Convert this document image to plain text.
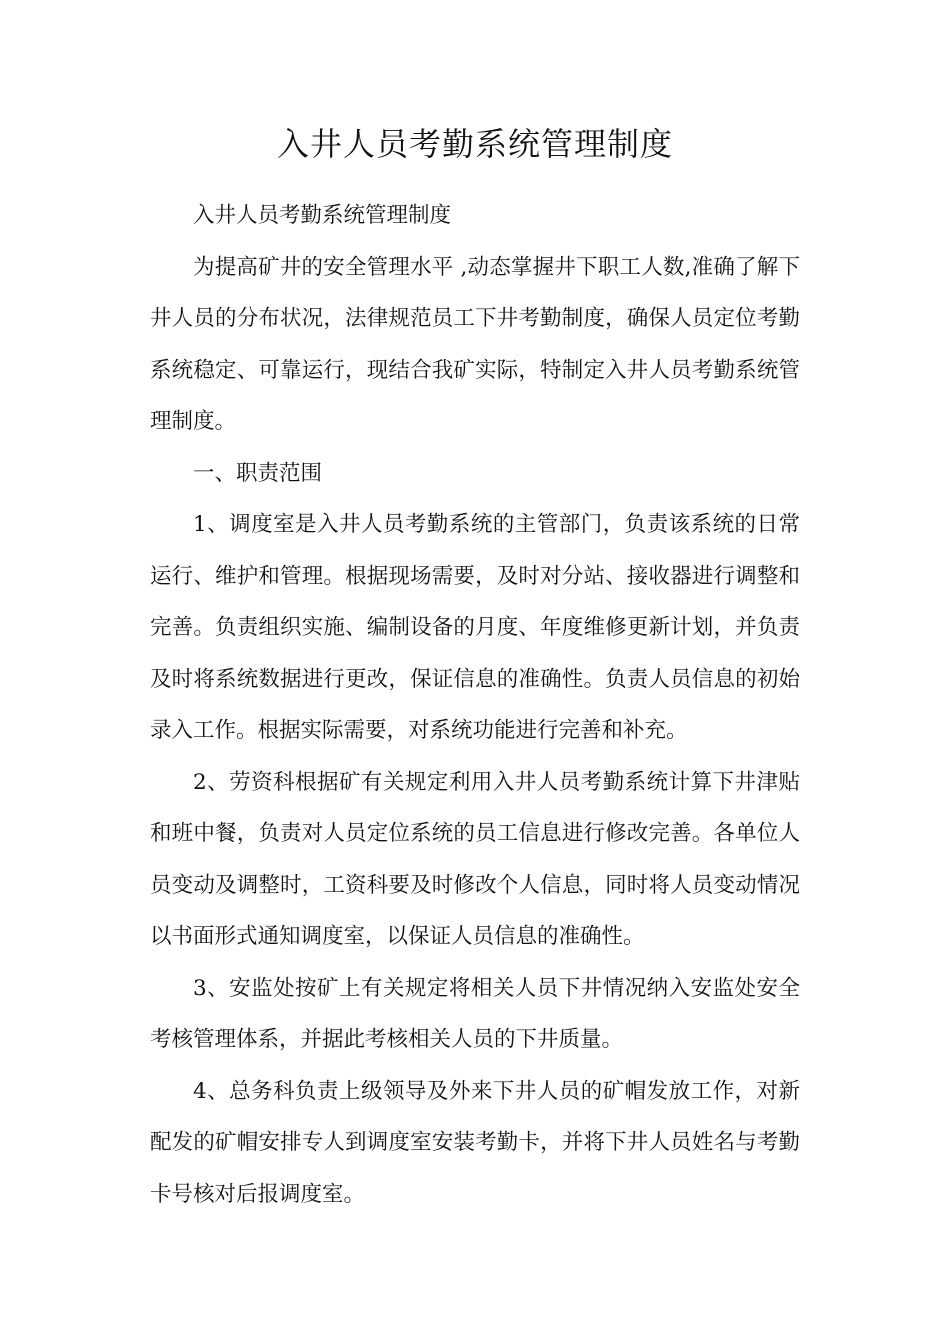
入井人员考勤系统管理制度

入井人员考勤系统管理制度

为提高矿井的安全管理水平 ,动态掌握井下职工人数,准确了解下井人员的分布状况，法律规范员工下井考勤制度，确保人员定位考勤系统稳定、可靠运行，现结合我矿实际，特制定入井人员考勤系统管理制度。

一、职责范围

1、调度室是入井人员考勤系统的主管部门，负责该系统的日常运行、维护和管理。根据现场需要，及时对分站、接收器进行调整和完善。负责组织实施、编制设备的月度、年度维修更新计划，并负责及时将系统数据进行更改，保证信息的准确性。负责人员信息的初始录入工作。根据实际需要，对系统功能进行完善和补充。

2、劳资科根据矿有关规定利用入井人员考勤系统计算下井津贴和班中餐，负责对人员定位系统的员工信息进行修改完善。各单位人员变动及调整时，工资科要及时修改个人信息，同时将人员变动情况以书面形式通知调度室，以保证人员信息的准确性。

3、安监处按矿上有关规定将相关人员下井情况纳入安监处安全考核管理体系，并据此考核相关人员的下井质量。

4、总务科负责上级领导及外来下井人员的矿帽发放工作，对新配发的矿帽安排专人到调度室安装考勤卡，并将下井人员姓名与考勤卡号核对后报调度室。
